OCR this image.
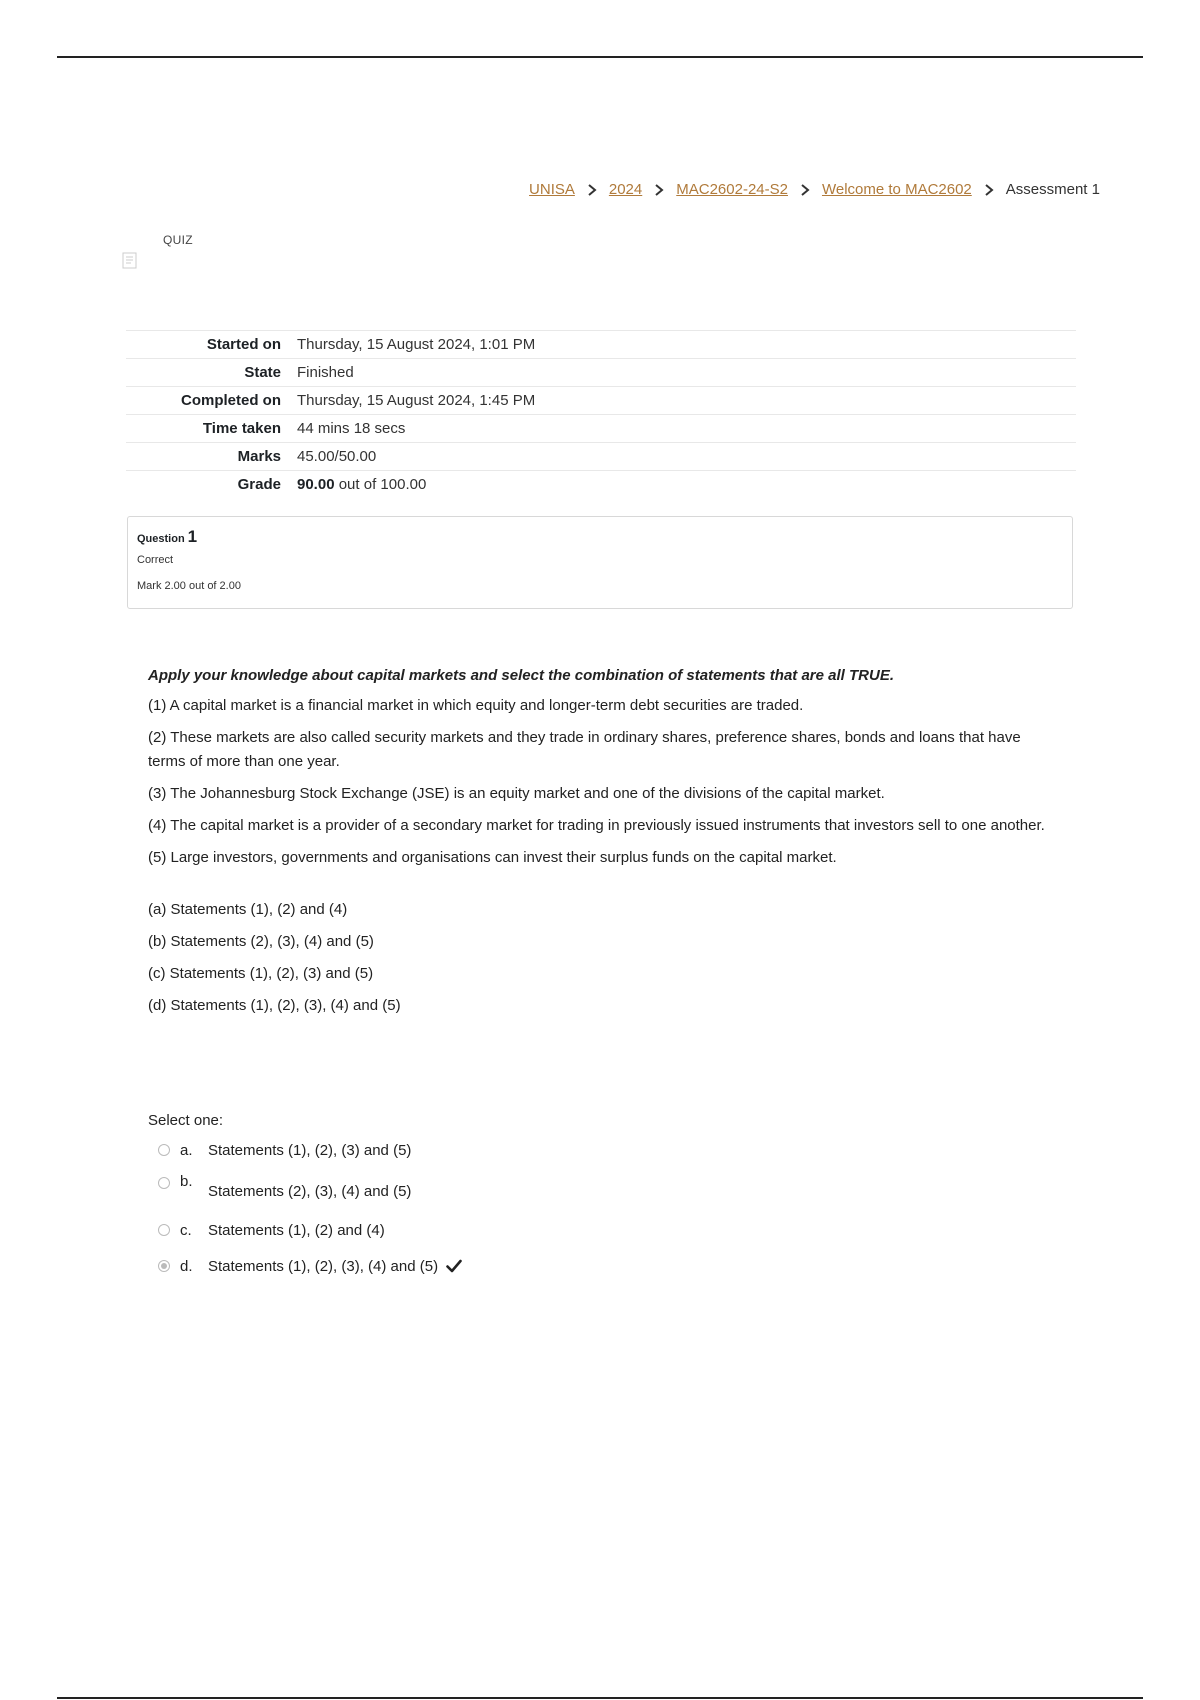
UNISA 2024 MAC2602-24-S2 Welcome to MAC2602 Assessment 1
QUIZ
Started on	Thursday, 15 August 2024, 1:01 PM
State	Finished
Completed on	Thursday, 15 August 2024, 1:45 PM
Time taken	44 mins 18 secs
Marks	45.00/50.00
Grade	90.00 out of 100.00
Question 1
Correct
Mark 2.00 out of 2.00

Apply your knowledge about capital markets and select the combination of statements that are all TRUE.

(1) A capital market is a financial market in which equity and longer-term debt securities are traded.

(2) These markets are also called security markets and they trade in ordinary shares, preference shares, bonds and loans that have terms of more than one year.

(3) The Johannesburg Stock Exchange (JSE) is an equity market and one of the divisions of the capital market.

(4) The capital market is a provider of a secondary market for trading in previously issued instruments that investors sell to one another.

(5) Large investors, governments and organisations can invest their surplus funds on the capital market.

(a) Statements (1), (2) and (4)

(b) Statements (2), (3), (4) and (5)

(c) Statements (1), (2), (3) and (5)

(d) Statements (1), (2), (3), (4) and (5)

Select one:
a.	Statements (1), (2), (3) and (5)
b.
Statements (2), (3), (4) and (5)
c.	Statements (1), (2) and (4)
d.	Statements (1), (2), (3), (4) and (5)
